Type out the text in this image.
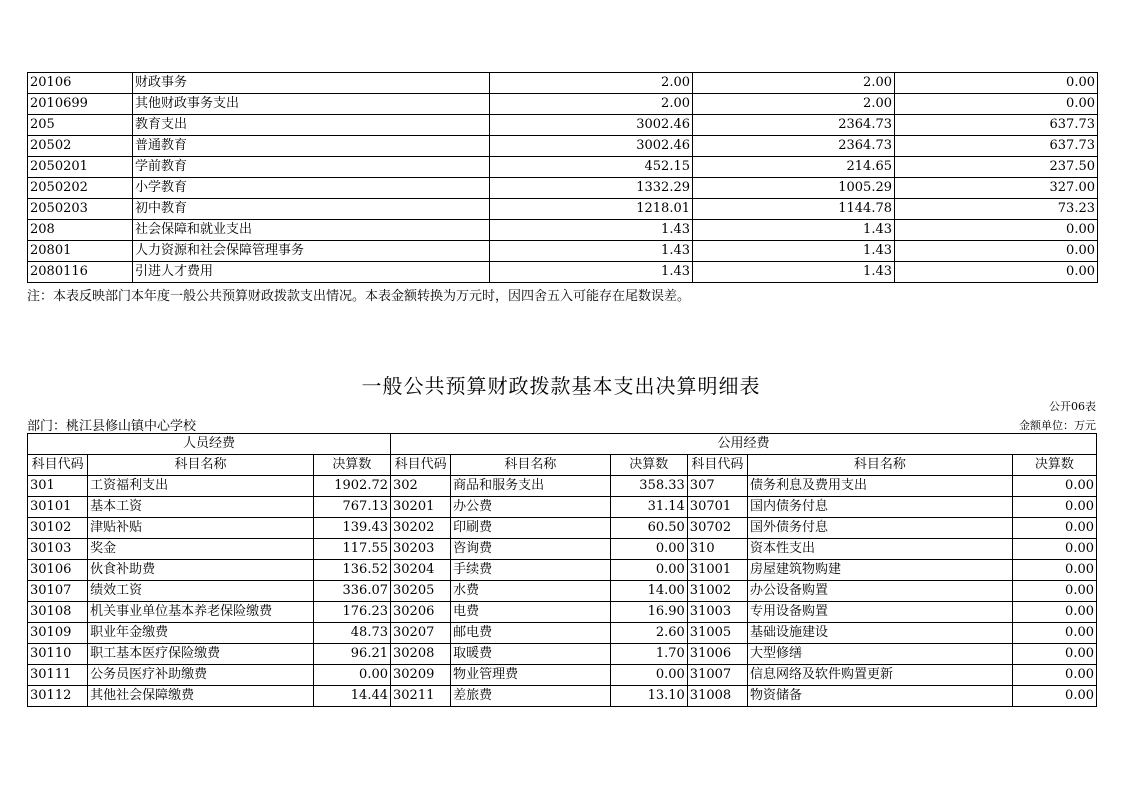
20106	财政事务	2.00	2.00	0.00
2010699	其他财政事务支出	2.00	2.00	0.00
205	教育支出	3002.46	2364.73	637.73
20502	普通教育	3002.46	2364.73	637.73
2050201	学前教育	452.15	214.65	237.50
2050202	小学教育	1332.29	1005.29	327.00
2050203	初中教育	1218.01	1144.78	73.23
208	社会保障和就业支出	1.43	1.43	0.00
20801	人力资源和社会保障管理事务	1.43	1.43	0.00
2080116	引进人才费用	1.43	1.43	0.00
注：本表反映部门本年度一般公共预算财政拨款支出情况。本表金额转换为万元时，因四舍五入可能存在尾数误差。
一般公共预算财政拨款基本支出决算明细表
公开06表
部门：桃江县修山镇中心学校	金额单位：万元
人员经费			公用经费					
科目代码	科目名称	决算数	科目代码	科目名称	决算数	科目代码	科目名称	决算数
301	工资福利支出	1902.72	302	商品和服务支出	358.33	307	债务利息及费用支出	0.00
30101	基本工资	767.13	30201	办公费	31.14	30701	国内债务付息	0.00
30102	津贴补贴	139.43	30202	印刷费	60.50	30702	国外债务付息	0.00
30103	奖金	117.55	30203	咨询费	0.00	310	资本性支出	0.00
30106	伙食补助费	136.52	30204	手续费	0.00	31001	房屋建筑物购建	0.00
30107	绩效工资	336.07	30205	水费	14.00	31002	办公设备购置	0.00
30108	机关事业单位基本养老保险缴费	176.23	30206	电费	16.90	31003	专用设备购置	0.00
30109	职业年金缴费	48.73	30207	邮电费	2.60	31005	基础设施建设	0.00
30110	职工基本医疗保险缴费	96.21	30208	取暖费	1.70	31006	大型修缮	0.00
30111	公务员医疗补助缴费	0.00	30209	物业管理费	0.00	31007	信息网络及软件购置更新	0.00
30112	其他社会保障缴费	14.44	30211	差旅费	13.10	31008	物资储备	0.00
